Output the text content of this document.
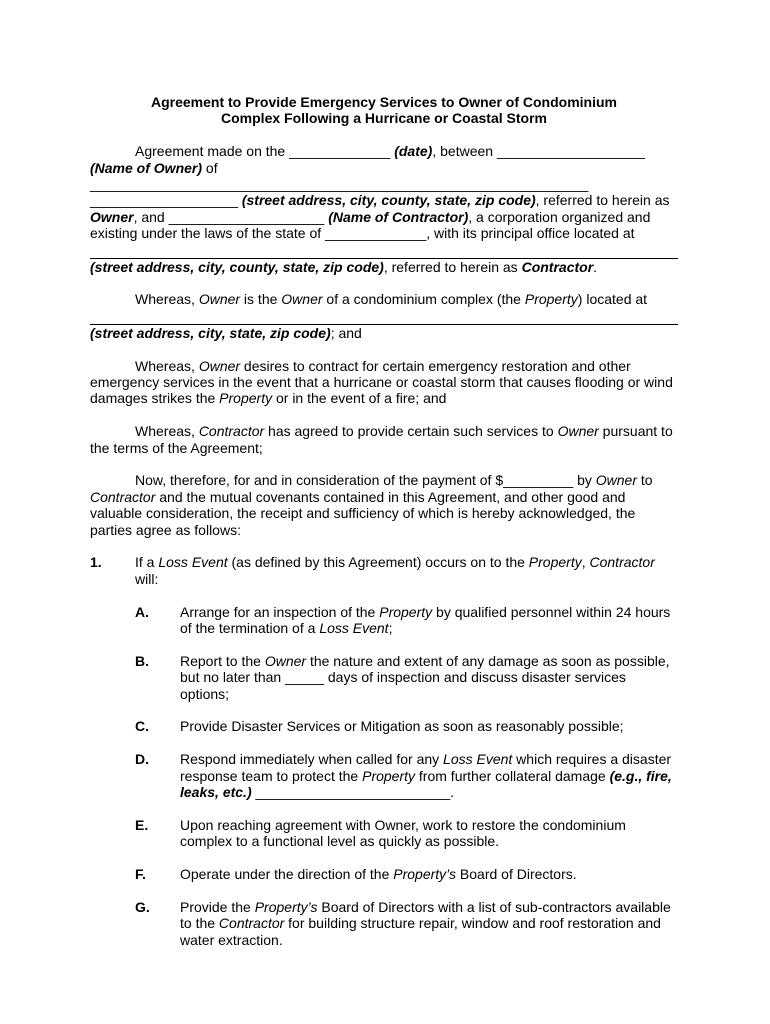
Agreement to Provide Emergency Services to Owner of Condominium
Complex Following a Hurricane or Coastal Storm

Agreement made on the _____________ (date), between ___________________ (Name of Owner) of ________________________________________________________________ ___________________ (street address, city, county, state, zip code), referred to herein as Owner, and ____________________ (Name of Contractor), a corporation organized and existing under the laws of the state of _____________, with its principal office located at

(street address, city, county, state, zip code), referred to herein as Contractor.

Whereas, Owner is the Owner of a condominium complex (the Property) located at

(street address, city, state, zip code); and

Whereas, Owner desires to contract for certain emergency restoration and other emergency services in the event that a hurricane or coastal storm that causes flooding or wind damages strikes the Property or in the event of a fire; and

Whereas, Contractor has agreed to provide certain such services to Owner pursuant to the terms of the Agreement;

Now, therefore, for and in consideration of the payment of $_________ by Owner to Contractor and the mutual covenants contained in this Agreement, and other good and valuable consideration, the receipt and sufficiency of which is hereby acknowledged, the parties agree as follows:

1. If a Loss Event (as defined by this Agreement) occurs on to the Property, Contractor will:
A. Arrange for an inspection of the Property by qualified personnel within 24 hours of the termination of a Loss Event;
B. Report to the Owner the nature and extent of any damage as soon as possible, but no later than _____ days of inspection and discuss disaster services options;
C. Provide Disaster Services or Mitigation as soon as reasonably possible;
D. Respond immediately when called for any Loss Event which requires a disaster response team to protect the Property from further collateral damage (e.g., fire, leaks, etc.) _________________________.
E. Upon reaching agreement with Owner, work to restore the condominium complex to a functional level as quickly as possible.
F. Operate under the direction of the Property’s Board of Directors.
G. Provide the Property’s Board of Directors with a list of sub-contractors available to the Contractor for building structure repair, window and roof restoration and water extraction.
